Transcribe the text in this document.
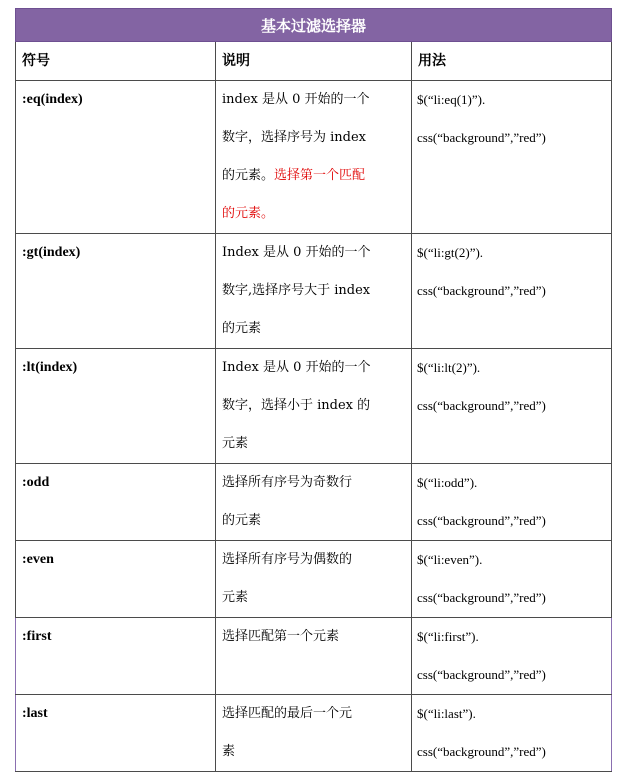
基本过滤选择器		
符号	说明	用法
:eq(index)	index 是从 0 开始的一个
数字，选择序号为 index
的元素。选择第一个匹配
的元素。	$(“li:eq(1)”).
css(“background”,”red”)

:gt(index)	Index 是从 0 开始的一个
数字,选择序号大于 index
的元素	$(“li:gt(2)”).
css(“background”,”red”)

:lt(index)	Index 是从 0 开始的一个
数字，选择小于 index 的
元素	$(“li:lt(2)”).
css(“background”,”red”)

:odd	选择所有序号为奇数行
的元素	$(“li:odd”).
css(“background”,”red”)

:even	选择所有序号为偶数的
元素	$(“li:even”).
css(“background”,”red”)

:first	选择匹配第一个元素	$(“li:first”).
css(“background”,”red”)

:last	选择匹配的最后一个元
素	$(“li:last”).
css(“background”,”red”)
